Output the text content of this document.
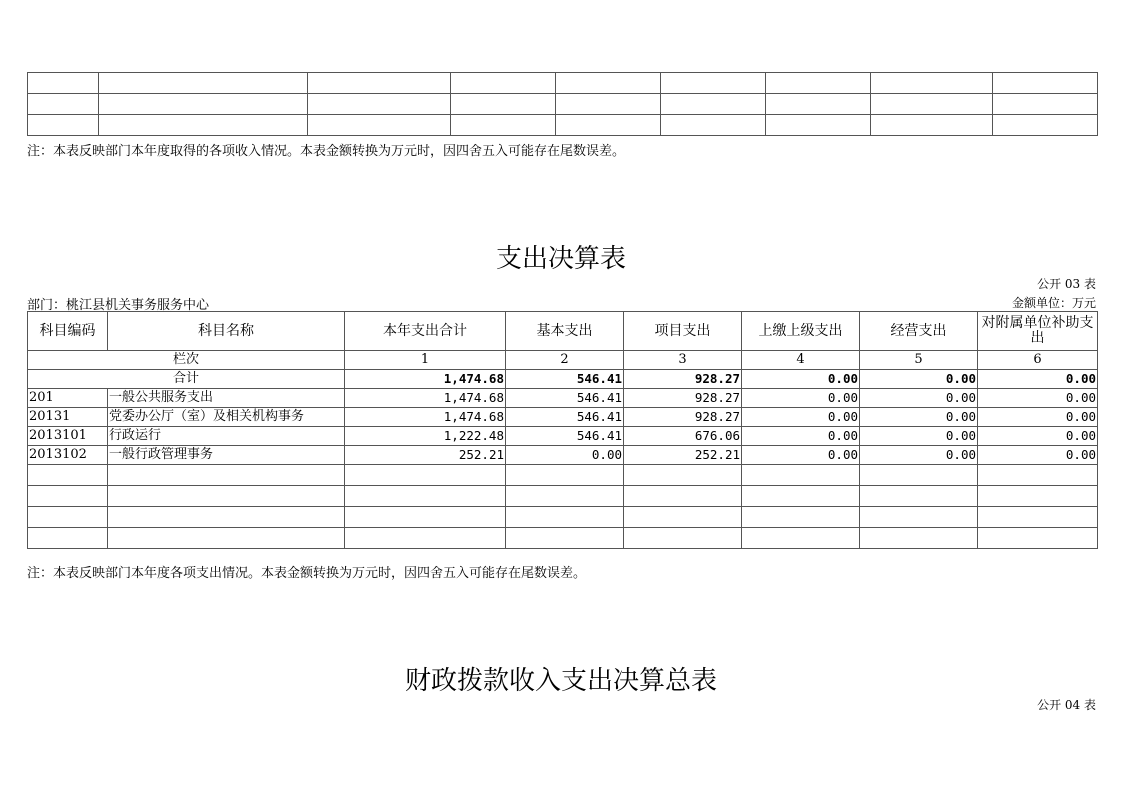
注：本表反映部门本年度取得的各项收入情况。本表金额转换为万元时，因四舍五入可能存在尾数误差。
支出决算表
公开 03 表
部门：桃江县机关事务服务中心	金额单位：万元
科目编码	科目名称	本年支出合计	基本支出	项目支出	上缴上级支出	经营支出	对附属单位补助支出
栏次		1	2	3	4	5	6
合计		1,474.68	546.41	928.27	0.00	0.00	0.00
201	一般公共服务支出	1,474.68	546.41	928.27	0.00	0.00	0.00
20131	党委办公厅（室）及相关机构事务	1,474.68	546.41	928.27	0.00	0.00	0.00
2013101	行政运行	1,222.48	546.41	676.06	0.00	0.00	0.00
2013102	一般行政管理事务	252.21	0.00	252.21	0.00	0.00	0.00

注：本表反映部门本年度各项支出情况。本表金额转换为万元时，因四舍五入可能存在尾数误差。
财政拨款收入支出决算总表
公开 04 表
